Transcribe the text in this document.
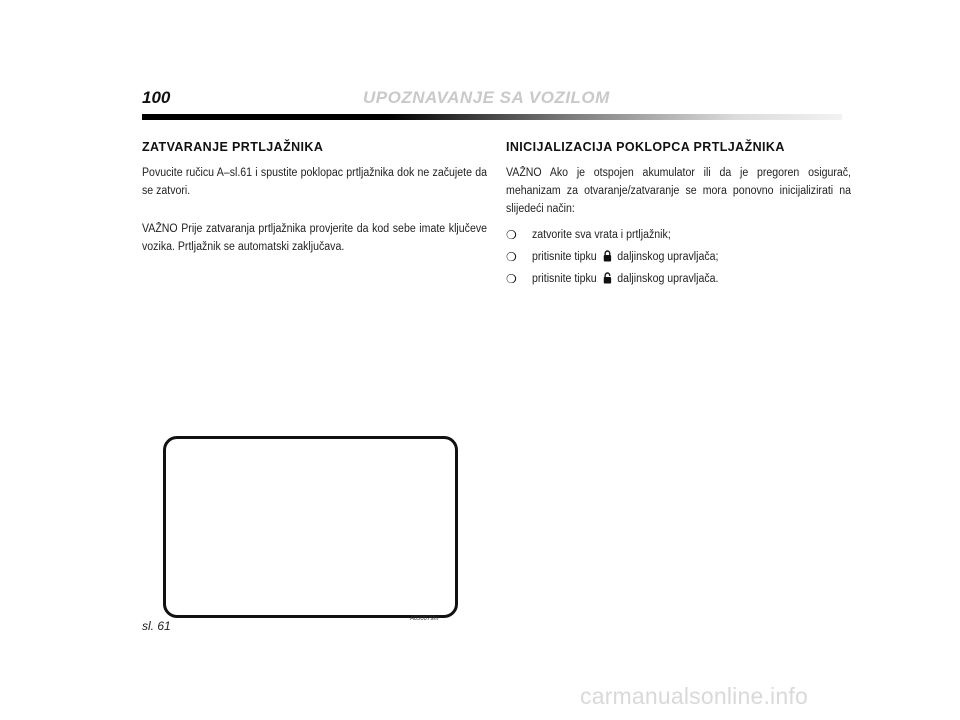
100	UPOZNAVANJE SA VOZILOM
ZATVARANJE PRTLJAŽNIKA

Povucite ručicu A–sl.61 i spustite poklopac prtljažnika dok ne začujete da se zatvori.

VAŽNO Prije zatvaranja prtljažnika provjerite da kod sebe imate ključeve vozika. Prtljažnik se automatski zaključava.

INICIJALIZACIJA POKLOPCA PRTLJAŽNIKA

VAŽNO Ako je otspojen akumulator ili da je pregoren osigurač, mehanizam za otvaranje/zatvaranje se mora ponovno inicijalizirati na slijedeći način:

❍ zatvorite sva vrata i prtljažnik;
❍ pritisnite tipku daljinskog upravljača;
❍ pritisnite tipku daljinskog upravljača.
A0J0079m
sl. 61
carmanualsonline.info
